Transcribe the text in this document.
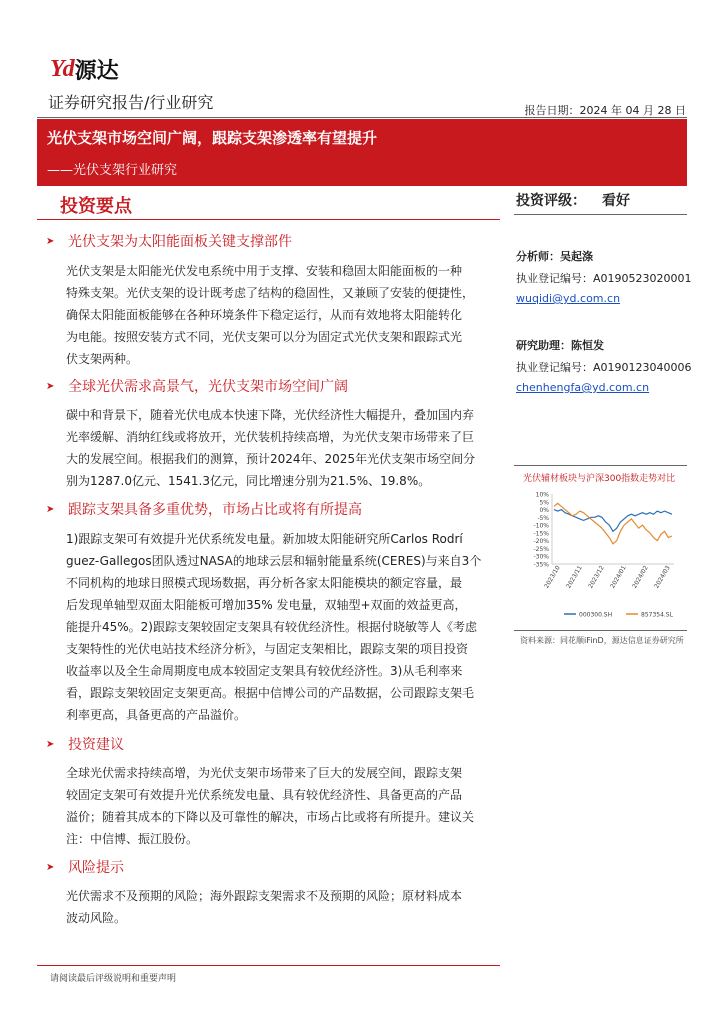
Yd 源达
证券研究报告/行业研究	报告日期：2024 年 04 月 28 日
光伏支架市场空间广阔，跟踪支架渗透率有望提升
——光伏支架行业研究
投资要点
➤ 光伏支架为太阳能面板关键支撑部件
光伏支架是太阳能光伏发电系统中用于支撑、安装和稳固太阳能面板的一种
特殊支架。光伏支架的设计既考虑了结构的稳固性，又兼顾了安装的便捷性，
确保太阳能面板能够在各种环境条件下稳定运行，从而有效地将太阳能转化
为电能。按照安装方式不同，光伏支架可以分为固定式光伏支架和跟踪式光
伏支架两种。
➤ 全球光伏需求高景气，光伏支架市场空间广阔
碳中和背景下，随着光伏电成本快速下降，光伏经济性大幅提升，叠加国内弃
光率缓解、消纳红线或将放开，光伏装机持续高增，为光伏支架市场带来了巨
大的发展空间。根据我们的测算，预计2024年、2025年光伏支架市场空间分
别为1287.0亿元、1541.3亿元，同比增速分别为21.5%、19.8%。
➤ 跟踪支架具备多重优势，市场占比或将有所提高
1)跟踪支架可有效提升光伏系统发电量。新加坡太阳能研究所Carlos Rodrí
guez-Gallegos团队透过NASA的地球云层和辐射能量系统(CERES)与来自3个
不同机构的地球日照模式现场数据，再分析各家太阳能模块的额定容量，最
后发现单轴型双面太阳能板可增加35% 发电量，双轴型+双面的效益更高，
能提升45%。2)跟踪支架较固定支架具有较优经济性。根据付晓敏等人《考虑
支架特性的光伏电站技术经济分析》，与固定支架相比，跟踪支架的项目投资
收益率以及全生命周期度电成本较固定支架具有较优经济性。3)从毛利率来
看，跟踪支架较固定支架更高。根据中信博公司的产品数据，公司跟踪支架毛
利率更高，具备更高的产品溢价。
➤ 投资建议
全球光伏需求持续高增，为光伏支架市场带来了巨大的发展空间，跟踪支架
较固定支架可有效提升光伏系统发电量、具有较优经济性、具备更高的产品
溢价；随着其成本的下降以及可靠性的解决，市场占比或将有所提升。建议关
注：中信博、振江股份。
➤ 风险提示
光伏需求不及预期的风险；海外跟踪支架需求不及预期的风险；原材料成本
波动风险。
投资评级： 看好
分析师：吴起涤
执业登记编号：A0190523020001
wuqidi@yd.com.cn
研究助理：陈恒发
执业登记编号：A0190123040006
chenhengfa@yd.com.cn
光伏辅材板块与沪深300指数走势对比
10%
5%
0%
-5%
-10%
-15%
-20%
-25%
-30%
-35%
2023/10 2023/11 2023/12 2024/01 2024/02 2024/03
000300.SH	857354.SL
资料来源：同花顺iFinD，源达信息证券研究所
请阅读最后评级说明和重要声明
